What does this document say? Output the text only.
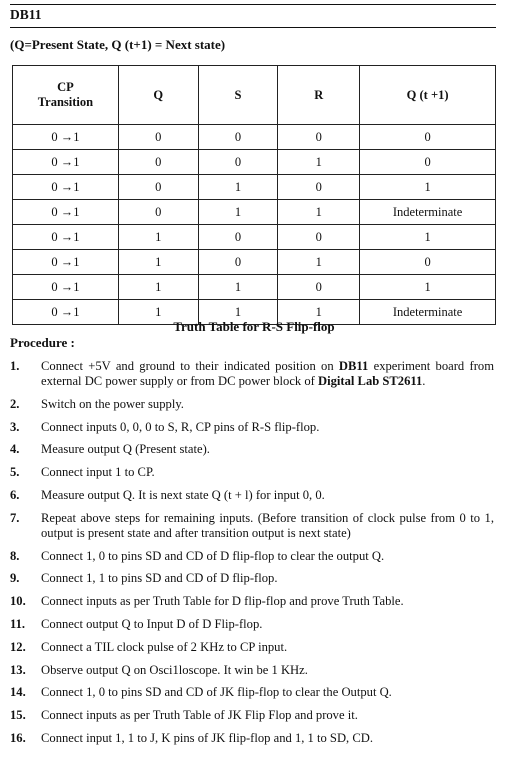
DB11
(Q=Present State, Q (t+1) = Next state)
CP
Transition	Q	S	R	Q (t +1)
0 →1	0	0	0	0
0 →1	0	0	1	0
0 →1	0	1	0	1
0 →1	0	1	1	Indeterminate
0 →1	1	0	0	1
0 →1	1	0	1	0
0 →1	1	1	0	1
0 →1	1	1	1	Indeterminate
Truth Table for R-S Flip-flop
Procedure :
1.	Connect +5V and ground to their indicated position on DB11 experiment board from external DC power supply or from DC power block of Digital Lab ST2611.
2.	Switch on the power supply.
3.	Connect inputs 0, 0, 0 to S, R, CP pins of R-S flip-flop.
4.	Measure output Q (Present state).
5.	Connect input 1 to CP.
6.	Measure output Q. It is next state Q (t + l) for input 0, 0.
7.	Repeat above steps for remaining inputs. (Before transition of clock pulse from 0 to 1, output is present state and after transition output is next state)
8.	Connect 1, 0 to pins SD and CD of D flip-flop to clear the output Q.
9.	Connect 1, 1 to pins SD and CD of D flip-flop.
10.	Connect inputs as per Truth Table for D flip-flop and prove Truth Table.
11.	Connect output Q to Input D of D Flip-flop.
12.	Connect a TIL clock pulse of 2 KHz to CP input.
13.	Observe output Q on Osci1loscope. It win be 1 KHz.
14.	Connect 1, 0 to pins SD and CD of JK flip-flop to clear the Output Q.
15.	Connect inputs as per Truth Table of JK Flip Flop and prove it.
16.	Connect input 1, 1 to J, K pins of JK flip-flop and 1, 1 to SD, CD.
